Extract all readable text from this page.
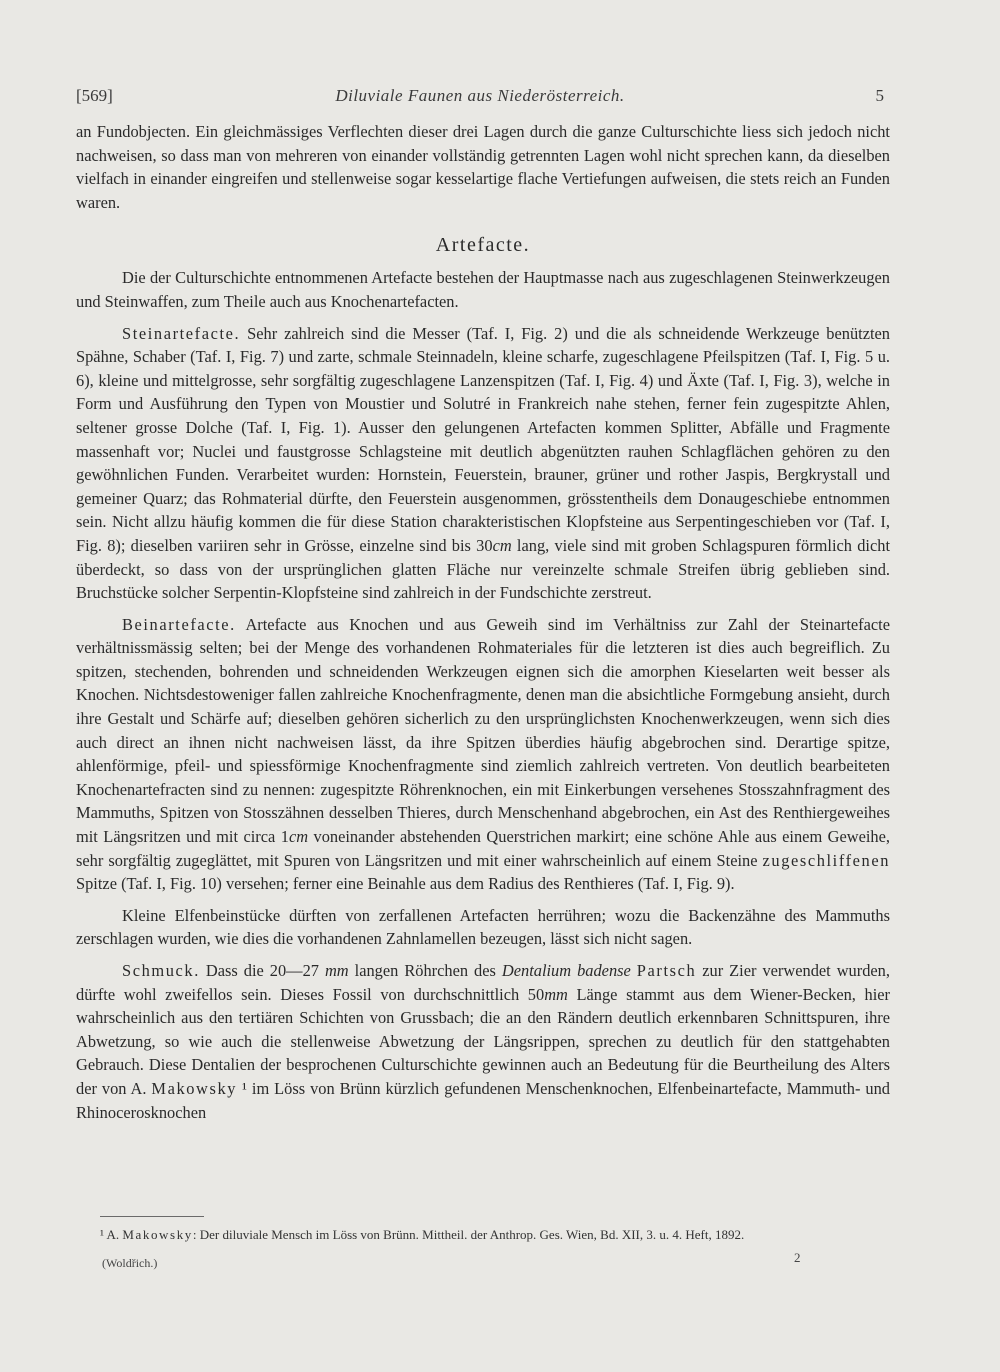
[569]	Diluviale Faunen aus Niederösterreich.	5

an Fundobjecten. Ein gleichmässiges Verflechten dieser drei Lagen durch die ganze Culturschichte liess sich jedoch nicht nachweisen, so dass man von mehreren von einander vollständig getrennten Lagen wohl nicht sprechen kann, da dieselben vielfach in einander eingreifen und stellenweise sogar kesselartige flache Vertiefungen aufweisen, die stets reich an Funden waren.

Artefacte.

Die der Culturschichte entnommenen Artefacte bestehen der Hauptmasse nach aus zugeschlagenen Steinwerkzeugen und Steinwaffen, zum Theile auch aus Knochenartefacten.

Steinartefacte. Sehr zahlreich sind die Messer (Taf. I, Fig. 2) und die als schneidende Werkzeuge benützten Spähne, Schaber (Taf. I, Fig. 7) und zarte, schmale Steinnadeln, kleine scharfe, zugeschlagene Pfeilspitzen (Taf. I, Fig. 5 u. 6), kleine und mittelgrosse, sehr sorgfältig zugeschlagene Lanzenspitzen (Taf. I, Fig. 4) und Äxte (Taf. I, Fig. 3), welche in Form und Ausführung den Typen von Moustier und Solutré in Frankreich nahe stehen, ferner fein zugespitzte Ahlen, seltener grosse Dolche (Taf. I, Fig. 1). Ausser den gelungenen Artefacten kommen Splitter, Abfälle und Fragmente massenhaft vor; Nuclei und faustgrosse Schlagsteine mit deutlich abgenützten rauhen Schlagflächen gehören zu den gewöhnlichen Funden. Verarbeitet wurden: Hornstein, Feuerstein, brauner, grüner und rother Jaspis, Bergkrystall und gemeiner Quarz; das Rohmaterial dürfte, den Feuerstein ausgenommen, grösstentheils dem Donaugeschiebe entnommen sein. Nicht allzu häufig kommen die für diese Station charakteristischen Klopfsteine aus Serpentingeschieben vor (Taf. I, Fig. 8); dieselben variiren sehr in Grösse, einzelne sind bis 30cm lang, viele sind mit groben Schlagspuren förmlich dicht überdeckt, so dass von der ursprünglichen glatten Fläche nur vereinzelte schmale Streifen übrig geblieben sind. Bruchstücke solcher Serpentin-Klopfsteine sind zahlreich in der Fundschichte zerstreut.

Beinartefacte. Artefacte aus Knochen und aus Geweih sind im Verhältniss zur Zahl der Steinartefacte verhältnissmässig selten; bei der Menge des vorhandenen Rohmateriales für die letzteren ist dies auch begreiflich. Zu spitzen, stechenden, bohrenden und schneidenden Werkzeugen eignen sich die amorphen Kieselarten weit besser als Knochen. Nichtsdestoweniger fallen zahlreiche Knochenfragmente, denen man die absichtliche Formgebung ansieht, durch ihre Gestalt und Schärfe auf; dieselben gehören sicherlich zu den ursprünglichsten Knochenwerkzeugen, wenn sich dies auch direct an ihnen nicht nachweisen lässt, da ihre Spitzen überdies häufig abgebrochen sind. Derartige spitze, ahlenförmige, pfeil- und spiessförmige Knochenfragmente sind ziemlich zahlreich vertreten. Von deutlich bearbeiteten Knochenartefracten sind zu nennen: zugespitzte Röhrenknochen, ein mit Einkerbungen versehenes Stosszahnfragment des Mammuths, Spitzen von Stosszähnen desselben Thieres, durch Menschenhand abgebrochen, ein Ast des Renthiergeweihes mit Längsritzen und mit circa 1cm voneinander abstehenden Querstrichen markirt; eine schöne Ahle aus einem Geweihe, sehr sorgfältig zugeglättet, mit Spuren von Längsritzen und mit einer wahrscheinlich auf einem Steine zugeschliffenen Spitze (Taf. I, Fig. 10) versehen; ferner eine Beinahle aus dem Radius des Renthieres (Taf. I, Fig. 9).

Kleine Elfenbeinstücke dürften von zerfallenen Artefacten herrühren; wozu die Backenzähne des Mammuths zerschlagen wurden, wie dies die vorhandenen Zahnlamellen bezeugen, lässt sich nicht sagen.

Schmuck. Dass die 20—27 mm langen Röhrchen des Dentalium badense Partsch zur Zier verwendet wurden, dürfte wohl zweifellos sein. Dieses Fossil von durchschnittlich 50mm Länge stammt aus dem Wiener-Becken, hier wahrscheinlich aus den tertiären Schichten von Grussbach; die an den Rändern deutlich erkennbaren Schnittspuren, ihre Abwetzung, so wie auch die stellenweise Abwetzung der Längsrippen, sprechen zu deutlich für den stattgehabten Gebrauch. Diese Dentalien der besprochenen Culturschichte gewinnen auch an Bedeutung für die Beurtheilung des Alters der von A. Makowsky ¹ im Löss von Brünn kürzlich gefundenen Menschenknochen, Elfenbeinartefacte, Mammuth- und Rhinocerosknochen

¹ A. Makowsky: Der diluviale Mensch im Löss von Brünn. Mittheil. der Anthrop. Ges. Wien, Bd. XII, 3. u. 4. Heft, 1892.
(Woldřich.)	2
